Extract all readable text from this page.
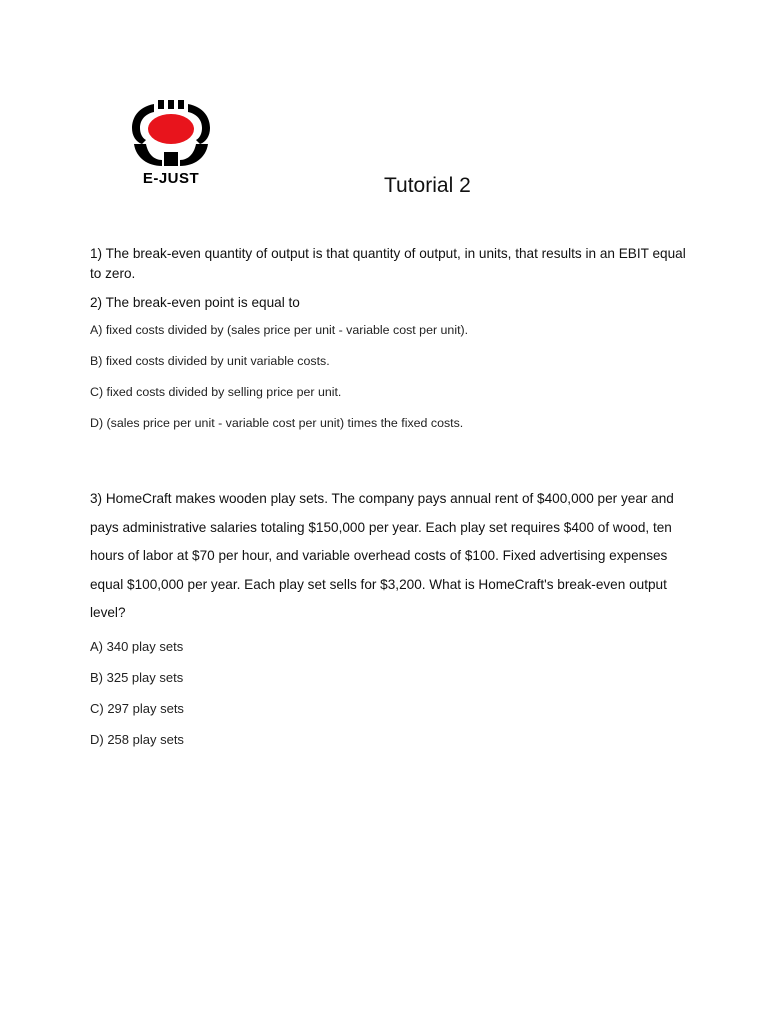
E-JUST	Tutorial 2

1) The break-even quantity of output is that quantity of output, in units, that results in an EBIT equal to zero.

2) The break-even point is equal to

A) fixed costs divided by (sales price per unit - variable cost per unit).

B) fixed costs divided by unit variable costs.

C) fixed costs divided by selling price per unit.

D) (sales price per unit - variable cost per unit) times the fixed costs.

3) HomeCraft makes wooden play sets. The company pays annual rent of $400,000 per year and pays administrative salaries totaling $150,000 per year. Each play set requires $400 of wood, ten hours of labor at $70 per hour, and variable overhead costs of $100. Fixed advertising expenses equal $100,000 per year. Each play set sells for $3,200. What is HomeCraft's break-even output level?

A) 340 play sets

B) 325 play sets

C) 297 play sets

D) 258 play sets
